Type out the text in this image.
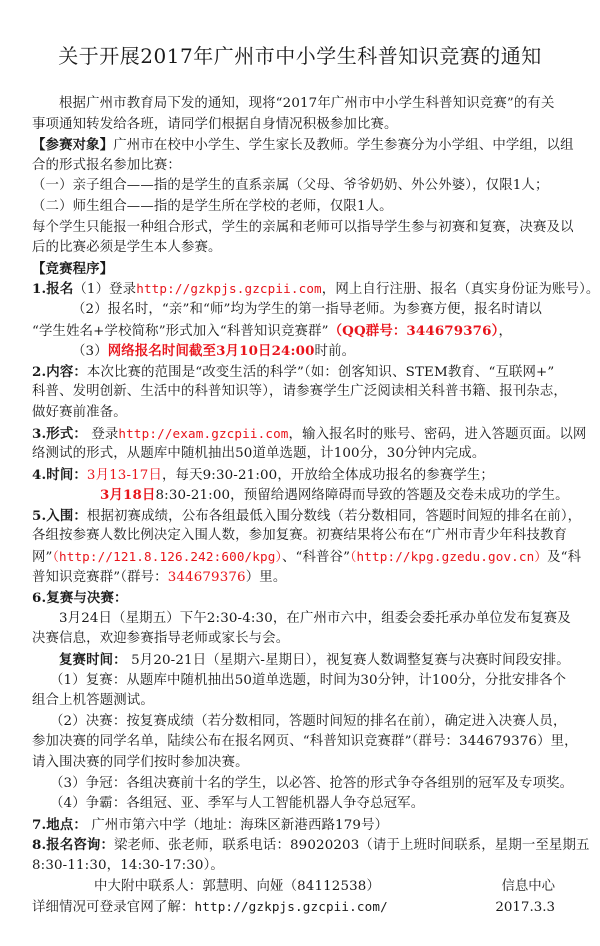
关于开展2017年广州市中小学生科普知识竞赛的通知
根据广州市教育局下发的通知，现将“2017年广州市中小学生科普知识竞赛”的有关
事项通知转发给各班，请同学们根据自身情况积极参加比赛。
【参赛对象】广州市在校中小学生、学生家长及教师。学生参赛分为小学组、中学组，以组
合的形式报名参加比赛：
（一）亲子组合——指的是学生的直系亲属（父母、爷爷奶奶、外公外婆），仅限1人；
（二）师生组合——指的是学生所在学校的老师，仅限1人。
每个学生只能报一种组合形式，学生的亲属和老师可以指导学生参与初赛和复赛，决赛及以
后的比赛必须是学生本人参赛。
【竞赛程序】
1.报名（1）登录http://gzkpjs.gzcpii.com，网上自行注册、报名（真实身份证为账号）。
（2）报名时，“亲”和“师”均为学生的第一指导老师。为参赛方便，报名时请以
“学生姓名+学校简称”形式加入“科普知识竞赛群”（QQ群号：344679376），
（3）网络报名时间截至3月10日24:00时前。
2.内容：本次比赛的范围是“改变生活的科学”（如：创客知识、STEM教育、“互联网+”
科普、发明创新、生活中的科普知识等），请参赛学生广泛阅读相关科普书籍、报刊杂志，
做好赛前准备。
3.形式： 登录http://exam.gzcpii.com，输入报名时的账号、密码，进入答题页面。以网
络测试的形式，从题库中随机抽出50道单选题，计100分，30分钟内完成。
4.时间：3月13-17日，每天9:30-21:00，开放给全体成功报名的参赛学生；
3月18日8:30-21:00，预留给遇网络障碍而导致的答题及交卷未成功的学生。
5.入围：根据初赛成绩，公布各组最低入围分数线（若分数相同，答题时间短的排名在前），
各组按参赛人数比例决定入围人数，参加复赛。初赛结果将公布在“广州市青少年科技教育
网”（http://121.8.126.242:600/kpg）、“科普谷”（http://kpg.gzedu.gov.cn）及“科
普知识竞赛群”（群号：344679376）里。
6.复赛与决赛：
3月24日（星期五）下午2:30-4:30，在广州市六中，组委会委托承办单位发布复赛及
决赛信息，欢迎参赛指导老师或家长与会。
复赛时间： 5月20-21日（星期六-星期日），视复赛人数调整复赛与决赛时间段安排。
（1）复赛：从题库中随机抽出50道单选题，时间为30分钟，计100分，分批安排各个
组合上机答题测试。
（2）决赛：按复赛成绩（若分数相同，答题时间短的排名在前），确定进入决赛人员，
参加决赛的同学名单，陆续公布在报名网页、“科普知识竞赛群”（群号：344679376）里，
请入围决赛的同学们按时参加决赛。
（3）争冠：各组决赛前十名的学生，以必答、抢答的形式争夺各组别的冠军及专项奖。
（4）争霸：各组冠、亚、季军与人工智能机器人争夺总冠军。
7.地点： 广州市第六中学（地址：海珠区新港西路179号）
8.报名咨询：梁老师、张老师，联系电话：89020203（请于上班时间联系，星期一至星期五
8:30-11:30，14:30-17:30）。
中大附中联系人：郭慧明、向娅（84112538）
详细情况可登录官网了解：http://gzkpjs.gzcpii.com/
信息中心
2017.3.3
